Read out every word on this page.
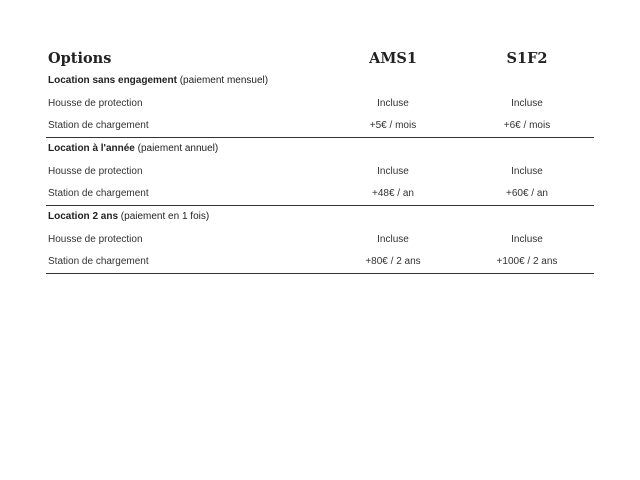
Options	AMS1	S1F2
Location sans engagement (paiement mensuel)
Housse de protection	Incluse	Incluse
Station de chargement	+5€ / mois	+6€ / mois
Location à l'année (paiement annuel)
Housse de protection	Incluse	Incluse
Station de chargement	+48€ / an	+60€ / an
Location 2 ans (paiement en 1 fois)
Housse de protection	Incluse	Incluse
Station de chargement	+80€ / 2 ans	+100€ / 2 ans
